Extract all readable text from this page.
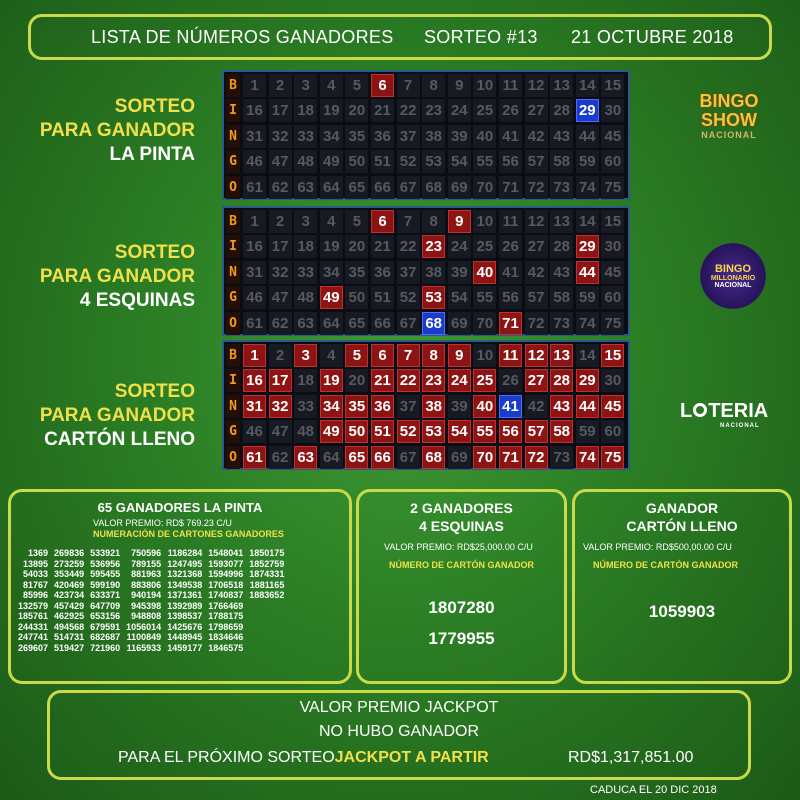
LISTA DE NÚMEROS GANADORES SORTEO #13 21 OCTUBRE 2018
SORTEO
PARA GANADOR
LA PINTA
SORTEO
PARA GANADOR
4 ESQUINAS
SORTEO
PARA GANADOR
CARTÓN LLENO
B 1	2	3	4	5	6	7	8	9 10 11 12 13 14 15
I 16 17 18 19 20 21 22 23 24 25 26 27 28 29 30
N 31 32 33 34 35 36 37 38 39 40 41 42 43 44 45
G 46 47 48 49 50 51 52 53 54 55 56 57 58 59 60
O 61 62 63 64 65 66 67 68 69 70 71 72 73 74 75
B 1	2	3	4	5	6	7	8	9 10 11 12 13 14 15
I 16 17 18 19 20 21 22 23 24 25 26 27 28 29 30
N 31 32 33 34 35 36 37 38 39 40 41 42 43 44 45
G 46 47 48 49 50 51 52 53 54 55 56 57 58 59 60
O 61 62 63 64 65 66 67 68 69 70 71 72 73 74 75
B 1	2	3	4	5	6	7	8	9 10 11 12 13 14 15
I 16 17 18 19 20 21 22 23 24 25 26 27 28 29 30
N 31 32 33 34 35 36 37 38 39 40 41 42 43 44 45
G 46 47 48 49 50 51 52 53 54 55 56 57 58 59 60
O 61 62 63 64 65 66 67 68 69 70 71 72 73 74 75
BINGO
SHOW
NACIONAL
BINGO
MILLONARIO
NACIONAL
L TERIA
NACIONAL
65 GANADORES LA PINTA
VALOR PREMIO: RD$ 769.23 C/U
NUMERACIÓN DE CARTONES GANADORES
1369	269836	533921	750596	1186284	1548041	1850175
13895	273259	536956	789155	1247495	1593077	1852759
54033	353449	595455	881963	1321368	1594996	1874331
81767	420469	599190	883806	1349538	1706518	1881165
85996	423734	633371	940194	1371361	1740837	1883652
132579	457429	647709	945398	1392989	1766469	
185761	462925	653156	948808	1398537	1788175	
244331	494568	679591	1056014	1425676	1798659	
247741	514731	682687	1100849	1448945	1834646	
269607	519427	721960	1165933	1459177	1846575	
2 GANADORES
4 ESQUINAS
VALOR PREMIO: RD$25,000.00 C/U
NÚMERO DE CARTÓN GANADOR
1807280
1779955
GANADOR
CARTÓN LLENO
VALOR PREMIO: RD$500,00.00 C/U
NÚMERO DE CARTÓN GANADOR
1059903
VALOR PREMIO JACKPOT
NO HUBO GANADOR
PARA EL PRÓXIMO SORTEOJACKPOT A PARTIR	RD$1,317,851.00
CADUCA EL 20 DIC 2018
